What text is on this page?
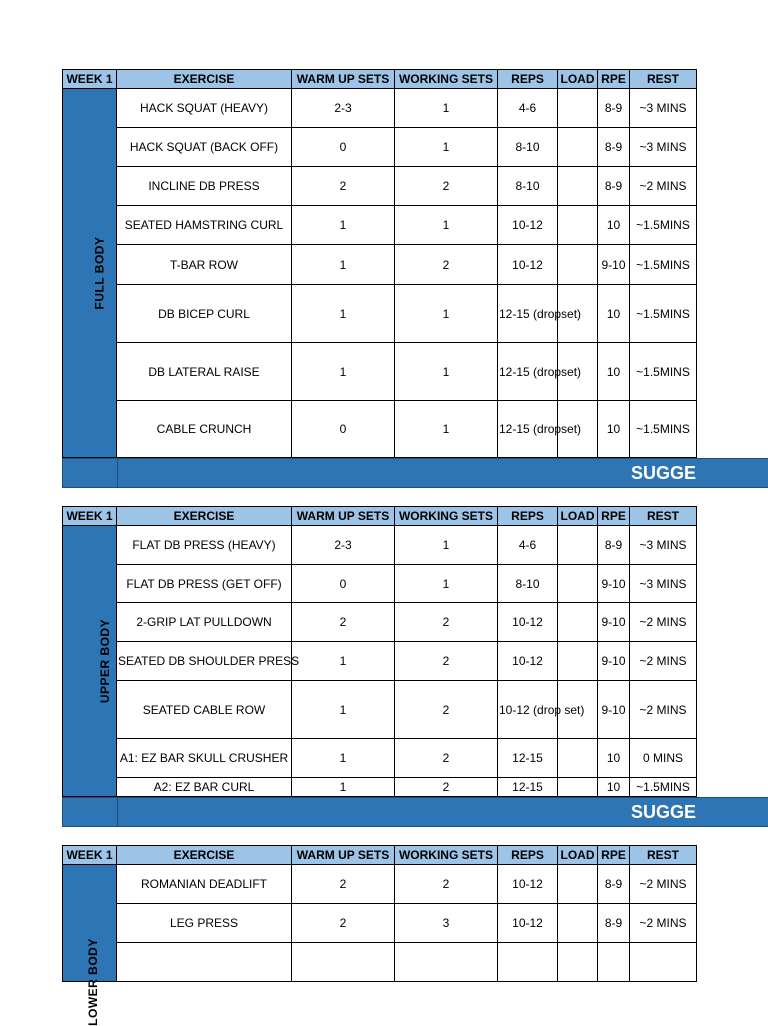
WEEK 1	EXERCISE	WARM UP SETS	WORKING SETS	REPS	LOAD	RPE	REST
FULL BODY	HACK SQUAT (HEAVY)	2-3	1	4-6		8-9	~3 MINS
	HACK SQUAT (BACK OFF)	0	1	8-10		8-9	~3 MINS
	INCLINE DB PRESS	2	2	8-10		8-9	~2 MINS
	SEATED HAMSTRING CURL	1	1	10-12		10	~1.5MINS
	T-BAR ROW	1	2	10-12		9-10	~1.5MINS
	DB BICEP CURL	1	1	12-15 (dropset)		10	~1.5MINS
	DB LATERAL RAISE	1	1	12-15 (dropset)		10	~1.5MINS
	CABLE CRUNCH	0	1	12-15 (dropset)		10	~1.5MINS
SUGGE
WEEK 1	EXERCISE	WARM UP SETS	WORKING SETS	REPS	LOAD	RPE	REST
UPPER BODY	FLAT DB PRESS (HEAVY)	2-3	1	4-6		8-9	~3 MINS
	FLAT DB PRESS (GET OFF)	0	1	8-10		9-10	~3 MINS
	2-GRIP LAT PULLDOWN	2	2	10-12		9-10	~2 MINS
	SEATED DB SHOULDER PRESS	1	2	10-12		9-10	~2 MINS
	SEATED CABLE ROW	1	2	10-12 (drop set)		9-10	~2 MINS
	A1: EZ BAR SKULL CRUSHER	1	2	12-15		10	0 MINS
	A2: EZ BAR CURL	1	2	12-15		10	~1.5MINS
SUGGE
WEEK 1	EXERCISE	WARM UP SETS	WORKING SETS	REPS	LOAD	RPE	REST

LOWER BODY	ROMANIAN DEADLIFT	2	2	10-12		8-9	~2 MINS
	LEG PRESS	2	3	10-12		8-9	~2 MINS
